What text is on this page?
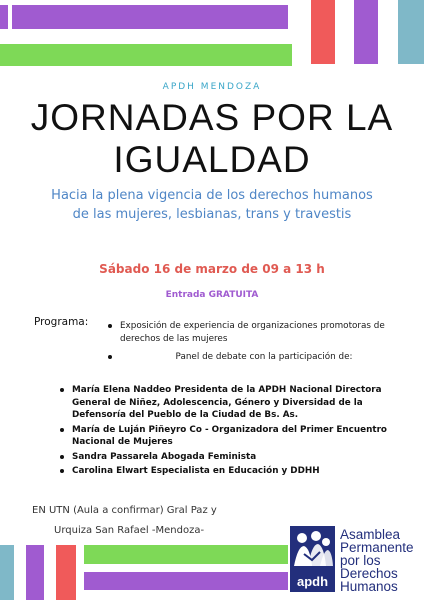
APDH MENDOZA
JORNADAS POR LA
IGUALDAD
Hacia la plena vigencia de los derechos humanos de las mujeres, lesbianas, trans y travestis
Sábado 16 de marzo de 09 a 13 h
Entrada GRATUITA
Programa:	Exposición de experiencia de organizaciones promotoras de derechos de las mujeres
Panel de debate con la participación de:
María Elena Naddeo Presidenta de la APDH Nacional Directora General de Niñez, Adolescencia, Género y Diversidad de la Defensoría del Pueblo de la Ciudad de Bs. As.
María de Luján Piñeyro Co - Organizadora del Primer Encuentro Nacional de Mujeres
Sandra Passarela Abogada Feminista
Carolina Elwart Especialista en Educación y DDHH
EN UTN (Aula a confirmar) Gral Paz y
Urquiza San Rafael -Mendoza-
apdh
Asamblea
Permanente
por los
Derechos
Humanos
